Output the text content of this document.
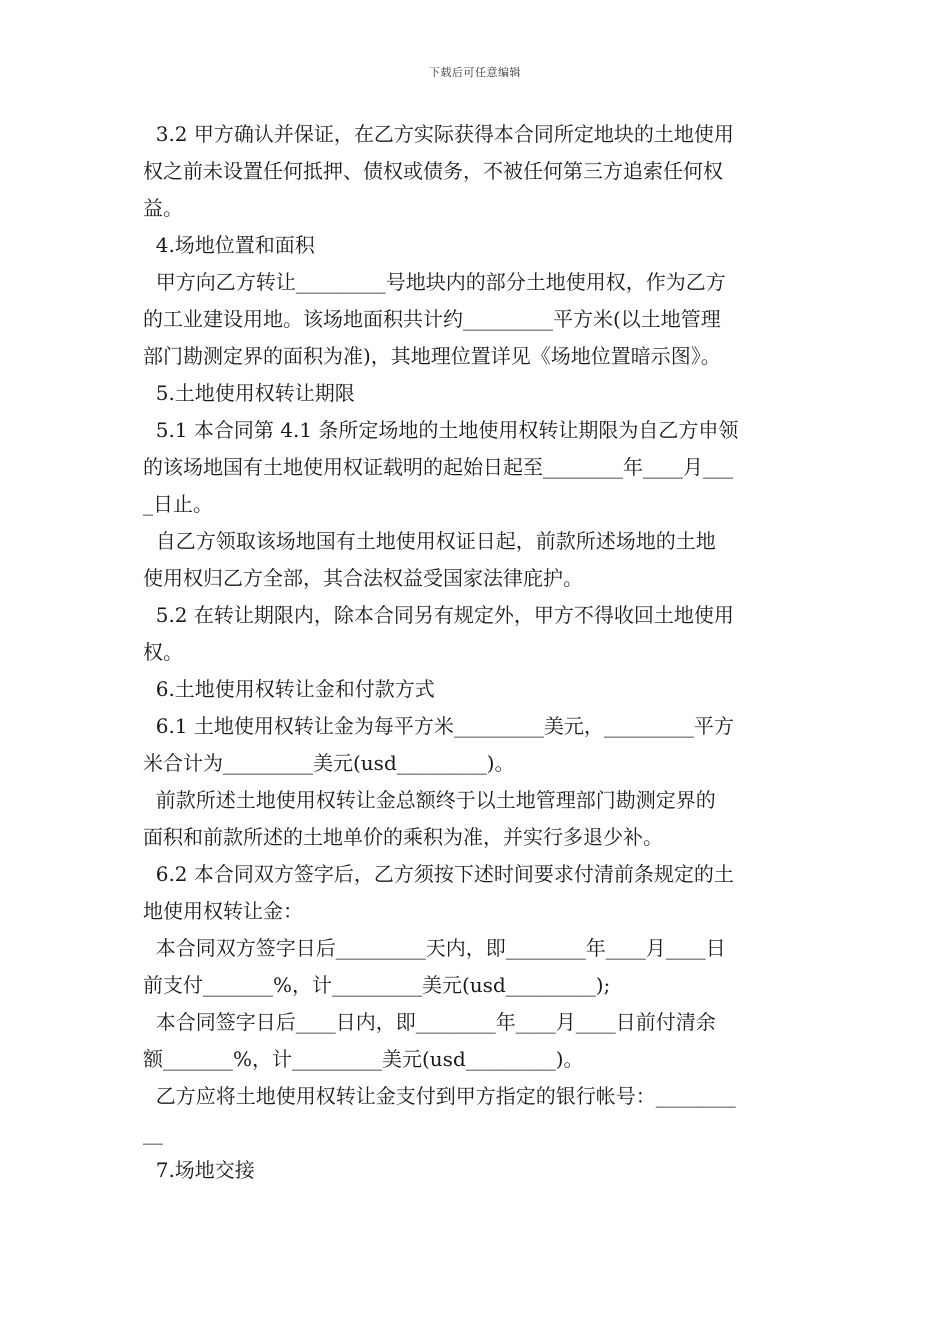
下载后可任意编辑
3.2 甲方确认并保证，在乙方实际获得本合同所定地块的土地使用
权之前未设置任何抵押、债权或债务，不被任何第三方追索任何权
益。
4.场地位置和面积
甲方向乙方转让_________号地块内的部分土地使用权，作为乙方
的工业建设用地。该场地面积共计约_________平方米(以土地管理
部门勘测定界的面积为准)，其地理位置详见《场地位置暗示图》。
5.土地使用权转让期限
5.1 本合同第 4.1 条所定场地的土地使用权转让期限为自乙方申领
的该场地国有土地使用权证载明的起始日起至________年____月___
_日止。
自乙方领取该场地国有土地使用权证日起，前款所述场地的土地
使用权归乙方全部，其合法权益受国家法律庇护。
5.2 在转让期限内，除本合同另有规定外，甲方不得收回土地使用
权。
6.土地使用权转让金和付款方式
6.1 土地使用权转让金为每平方米_________美元，_________平方
米合计为_________美元(usd_________)。
前款所述土地使用权转让金总额终于以土地管理部门勘测定界的
面积和前款所述的土地单价的乘积为准，并实行多退少补。
6.2 本合同双方签字后，乙方须按下述时间要求付清前条规定的土
地使用权转让金：
本合同双方签字日后_________天内，即________年____月____日
前支付_______%，计_________美元(usd_________);
本合同签字日后____日内，即________年____月____日前付清余
额_______%，计_________美元(usd_________)。
乙方应将土地使用权转让金支付到甲方指定的银行帐号：________
__
7.场地交接
